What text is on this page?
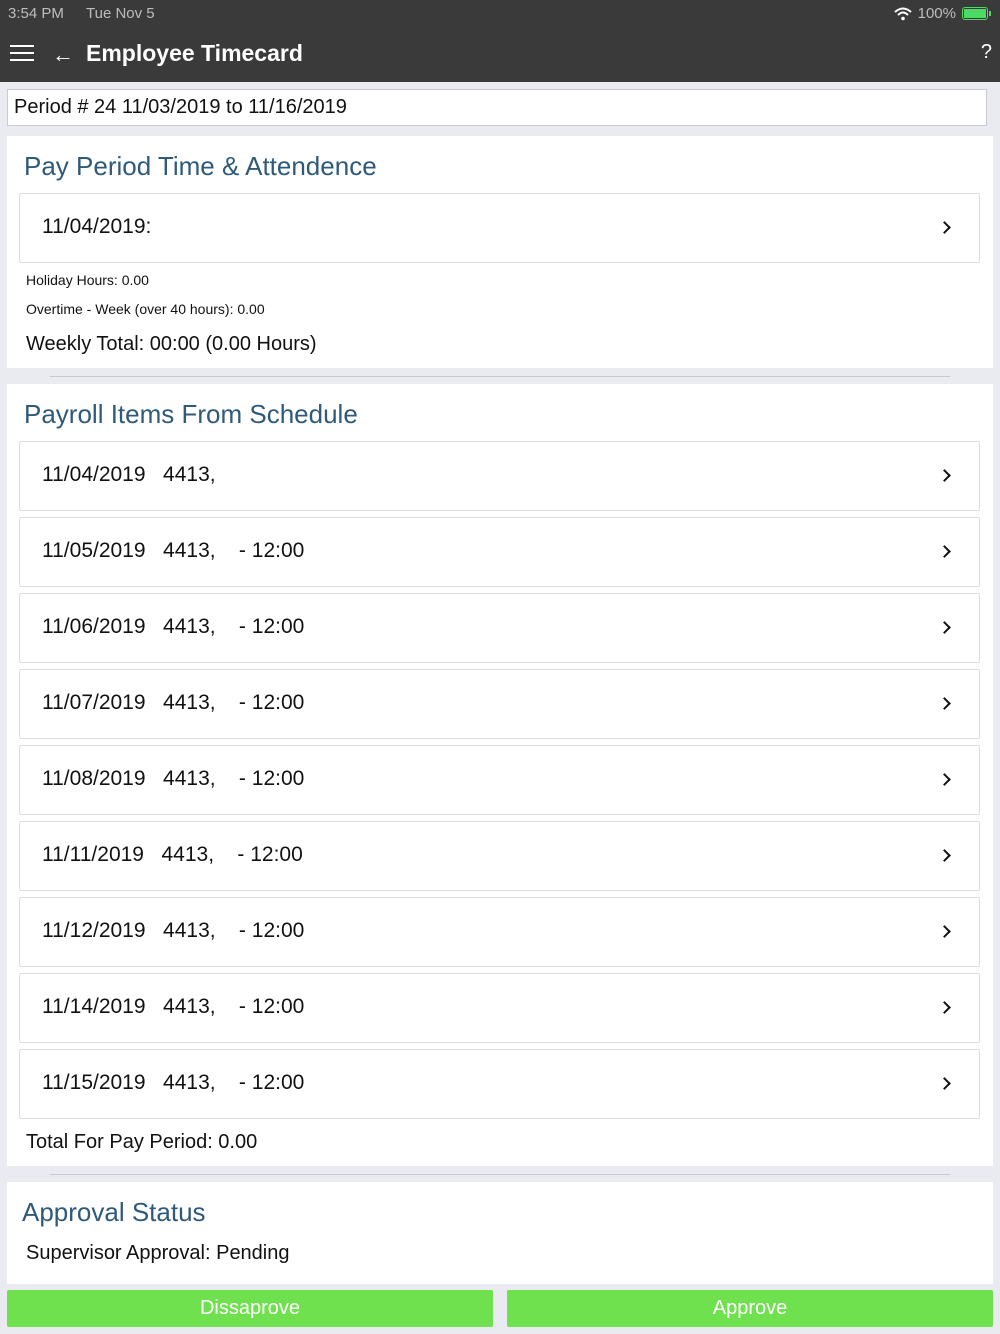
3:54 PM Tue Nov 5	100%
← Employee Timecard	?
Period # 24 11/03/2019 to 11/16/2019
Pay Period Time & Attendence
11/04/2019:
Holiday Hours: 0.00
Overtime - Week (over 40 hours): 0.00
Weekly Total: 00:00 (0.00 Hours)
Payroll Items From Schedule
11/04/2019   4413,
11/05/2019   4413,    - 12:00
11/06/2019   4413,    - 12:00
11/07/2019   4413,    - 12:00
11/08/2019   4413,    - 12:00
11/11/2019   4413,    - 12:00
11/12/2019   4413,    - 12:00
11/14/2019   4413,    - 12:00
11/15/2019   4413,    - 12:00
Total For Pay Period: 0.00
Approval Status
Supervisor Approval: Pending
Dissaprove	Approve
